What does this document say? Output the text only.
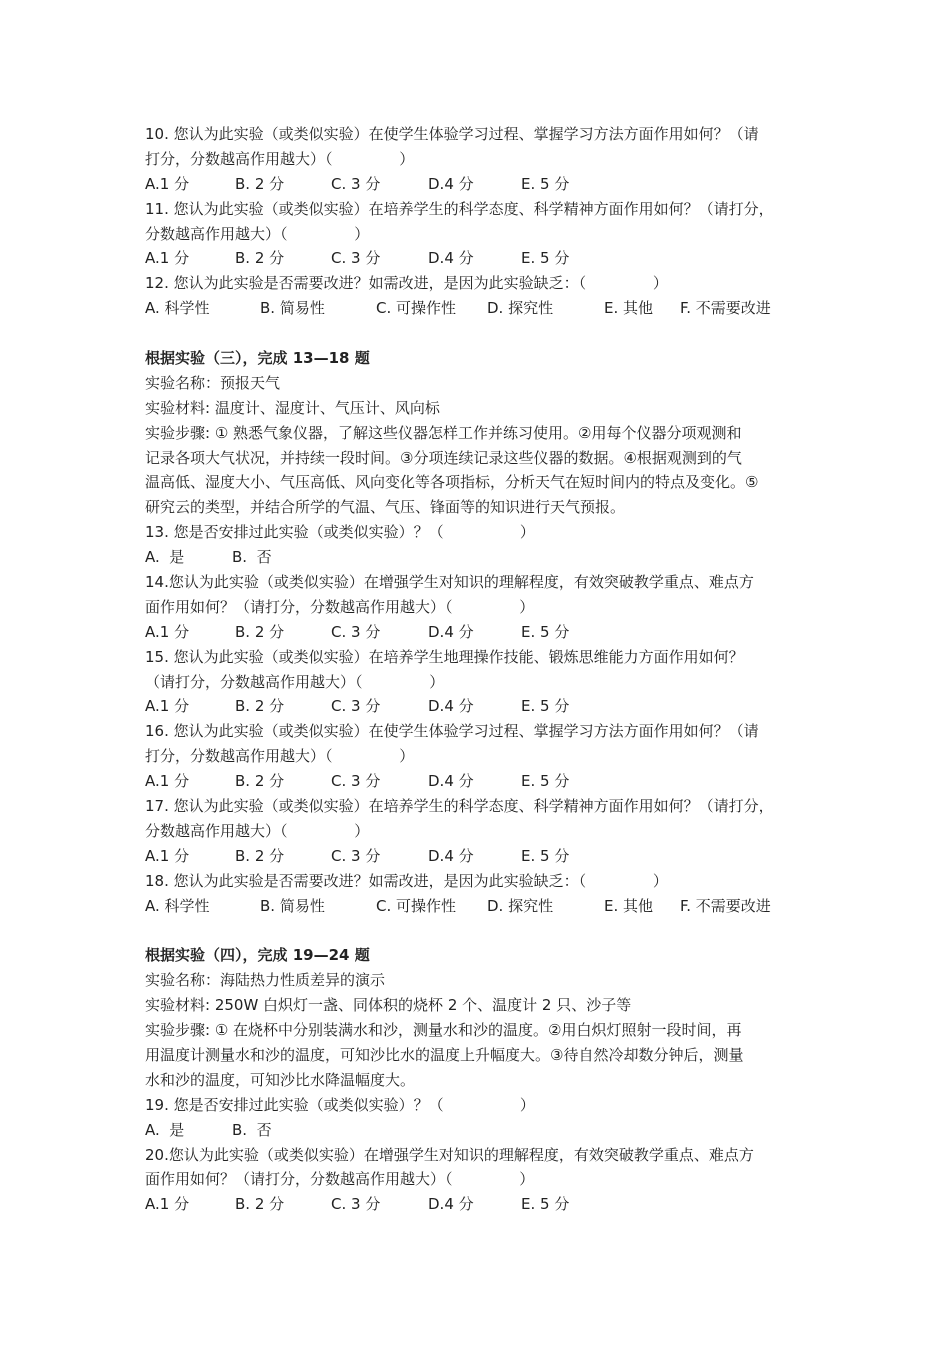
10. 您认为此实验（或类似实验）在使学生体验学习过程、掌握学习方法方面作用如何？（请
打分，分数越高作用越大）（              ）

A.1 分

	B. 2 分

	C. 3 分

	D.4 分

	E. 5 分

11. 您认为此实验（或类似实验）在培养学生的科学态度、科学精神方面作用如何？（请打分，
分数越高作用越大）（              ）

A.1 分

	B. 2 分

	C. 3 分

	D.4 分

	E. 5 分

12. 您认为此实验是否需要改进？如需改进，是因为此实验缺乏：（              ）

A. 科学性

	B. 简易性

	C. 可操作性

D. 探究性

	E. 其他

F. 不需要改进

根据实验（三），完成 13—18 题
实验名称：预报天气
实验材料: 温度计、湿度计、气压计、风向标
实验步骤: ① 熟悉气象仪器，了解这些仪器怎样工作并练习使用。②用每个仪器分项观测和
记录各项大气状况，并持续一段时间。③分项连续记录这些仪器的数据。④根据观测到的气
温高低、湿度大小、气压高低、风向变化等各项指标，分析天气在短时间内的特点及变化。⑤
研究云的类型，并结合所学的气温、气压、锋面等的知识进行天气预报。
13. 您是否安排过此实验（或类似实验）？（                ）

A.  是

	B.  否

14.您认为此实验（或类似实验）在增强学生对知识的理解程度，有效突破教学重点、难点方
面作用如何？（请打分，分数越高作用越大）（              ）

A.1 分

	B. 2 分

	C. 3 分

	D.4 分

	E. 5 分

15. 您认为此实验（或类似实验）在培养学生地理操作技能、锻炼思维能力方面作用如何？
（请打分，分数越高作用越大）（              ）

A.1 分

	B. 2 分

	C. 3 分

	D.4 分

	E. 5 分

16. 您认为此实验（或类似实验）在使学生体验学习过程、掌握学习方法方面作用如何？（请
打分，分数越高作用越大）（              ）

A.1 分

	B. 2 分

	C. 3 分

	D.4 分

	E. 5 分

17. 您认为此实验（或类似实验）在培养学生的科学态度、科学精神方面作用如何？（请打分，
分数越高作用越大）（              ）

A.1 分

	B. 2 分

	C. 3 分

	D.4 分

	E. 5 分

18. 您认为此实验是否需要改进？如需改进，是因为此实验缺乏：（              ）

A. 科学性

	B. 简易性

	C. 可操作性

D. 探究性

	E. 其他

F. 不需要改进

根据实验（四），完成 19—24 题
实验名称：海陆热力性质差异的演示
实验材料: 250W 白炽灯一盏、同体积的烧杯 2 个、温度计 2 只、沙子等
实验步骤: ① 在烧杯中分别装满水和沙，测量水和沙的温度。②用白炽灯照射一段时间，再
用温度计测量水和沙的温度，可知沙比水的温度上升幅度大。③待自然冷却数分钟后，测量
水和沙的温度，可知沙比水降温幅度大。
19. 您是否安排过此实验（或类似实验）？（                ）

A.  是

	B.  否

20.您认为此实验（或类似实验）在增强学生对知识的理解程度，有效突破教学重点、难点方
面作用如何？（请打分，分数越高作用越大）（              ）

A.1 分

	B. 2 分

	C. 3 分

	D.4 分

	E. 5 分
